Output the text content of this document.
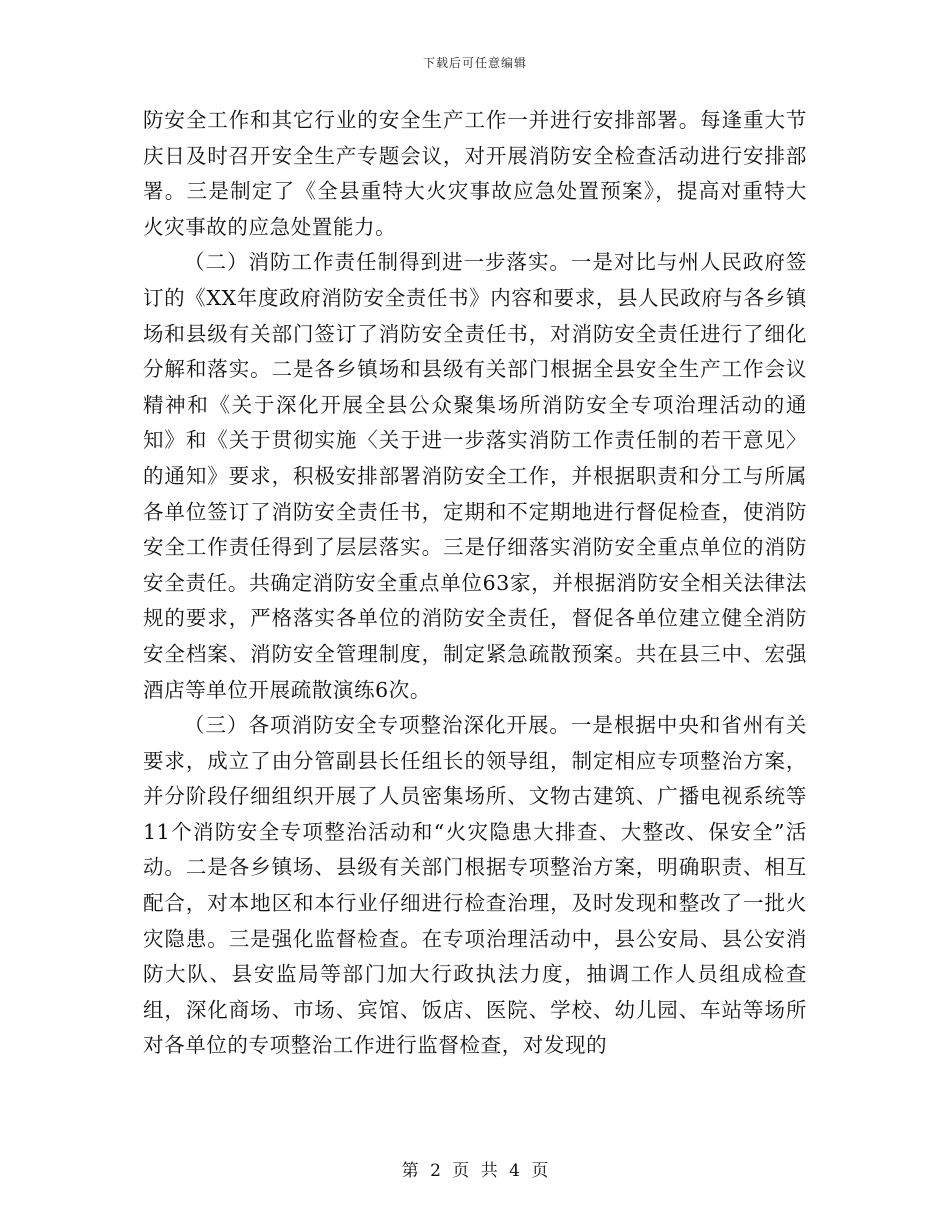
下载后可任意编辑

防安全工作和其它行业的安全生产工作一并进行安排部署。每逢重大节庆日及时召开安全生产专题会议，对开展消防安全检查活动进行安排部署。三是制定了《全县重特大火灾事故应急处置预案》，提高对重特大火灾事故的应急处置能力。

（二）消防工作责任制得到进一步落实。一是对比与州人民政府签订的《XX年度政府消防安全责任书》内容和要求，县人民政府与各乡镇场和县级有关部门签订了消防安全责任书，对消防安全责任进行了细化分解和落实。二是各乡镇场和县级有关部门根据全县安全生产工作会议精神和《关于深化开展全县公众聚集场所消防安全专项治理活动的通知》和《关于贯彻实施〈关于进一步落实消防工作责任制的若干意见〉的通知》要求，积极安排部署消防安全工作，并根据职责和分工与所属各单位签订了消防安全责任书，定期和不定期地进行督促检查，使消防安全工作责任得到了层层落实。三是仔细落实消防安全重点单位的消防安全责任。共确定消防安全重点单位63家，并根据消防安全相关法律法规的要求，严格落实各单位的消防安全责任，督促各单位建立健全消防安全档案、消防安全管理制度，制定紧急疏散预案。共在县三中、宏强酒店等单位开展疏散演练6次。

（三）各项消防安全专项整治深化开展。一是根据中央和省州有关要求，成立了由分管副县长任组长的领导组，制定相应专项整治方案，并分阶段仔细组织开展了人员密集场所、文物古建筑、广播电视系统等11个消防安全专项整治活动和“火灾隐患大排查、大整改、保安全”活动。二是各乡镇场、县级有关部门根据专项整治方案，明确职责、相互配合，对本地区和本行业仔细进行检查治理，及时发现和整改了一批火灾隐患。三是强化监督检查。在专项治理活动中，县公安局、县公安消防大队、县安监局等部门加大行政执法力度，抽调工作人员组成检查组，深化商场、市场、宾馆、饭店、医院、学校、幼儿园、车站等场所对各单位的专项整治工作进行监督检查，对发现的

第 2 页 共 4 页
